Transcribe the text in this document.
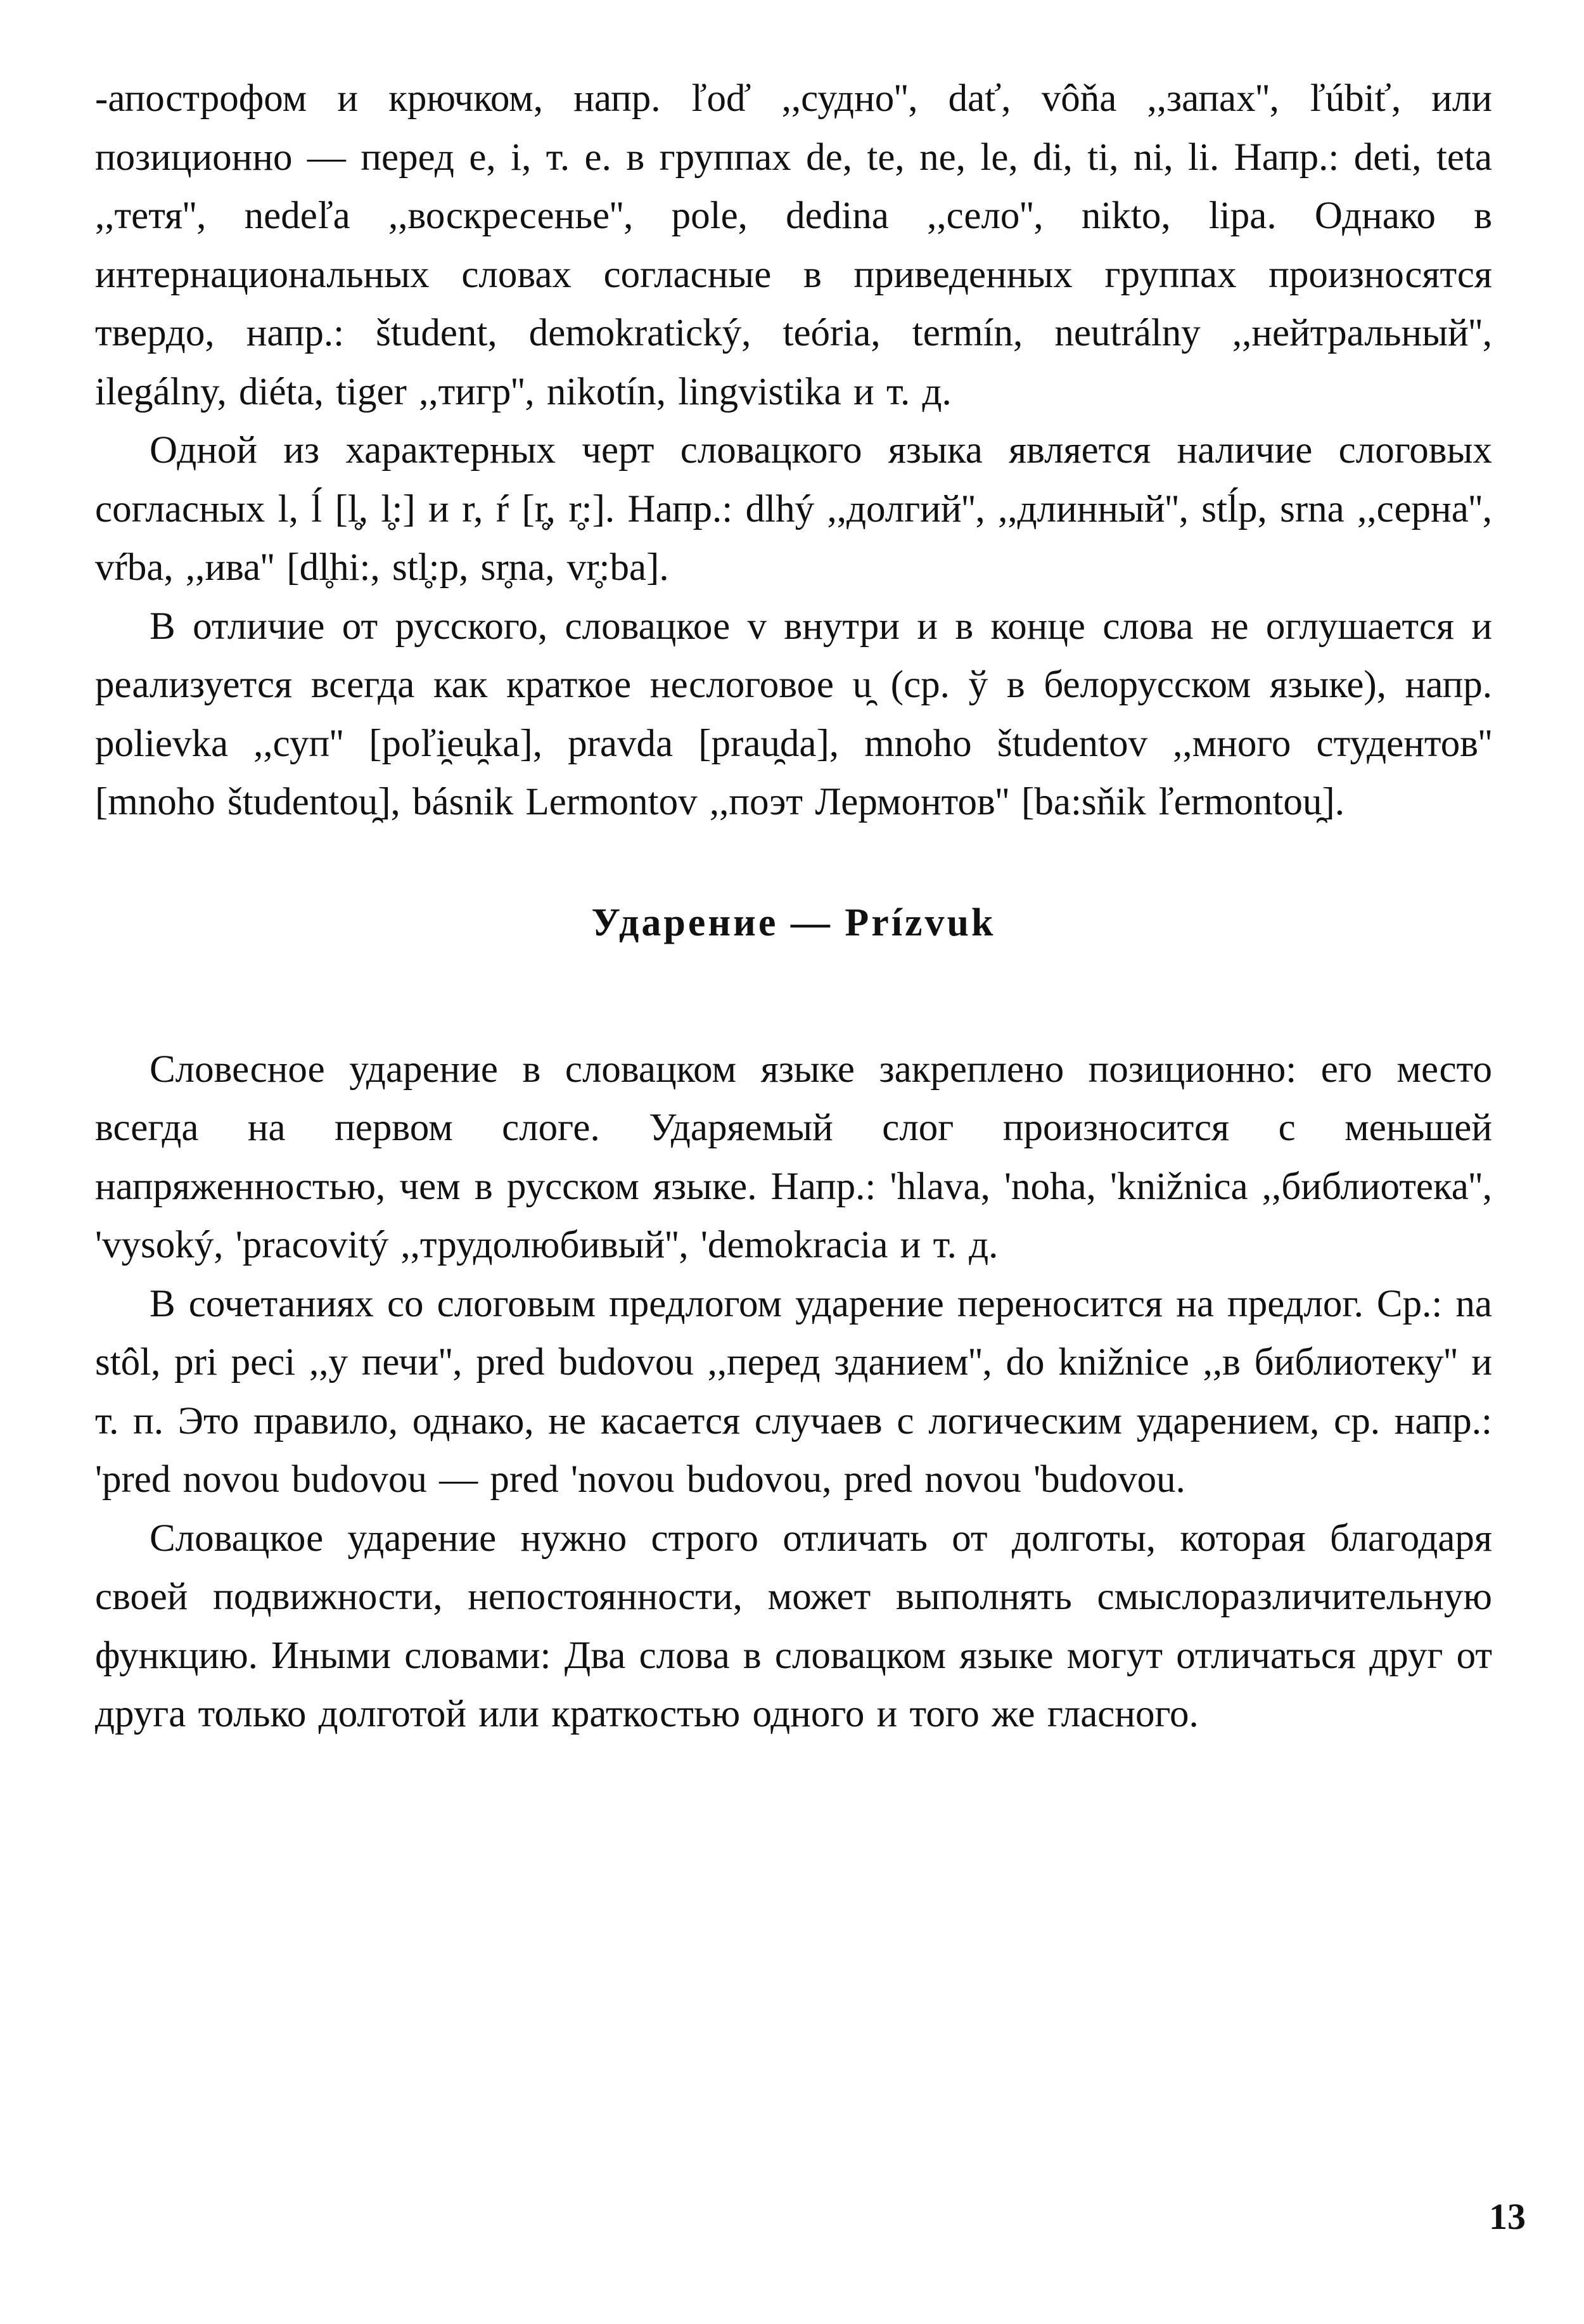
-апострофом и крючком, напр. ľoď ,,судно'', dať, vôňa ,,запах'', ľúbiť, или позиционно — перед e, i, т. е. в группах de, te, ne, le, di, ti, ni, li. Напр.: deti, teta ,,тетя'', nedeľa ,,воскресенье'', pole, dedina ,,село'', nikto, lipa. Однако в интернациональных словах согласные в приведенных группах произносятся твердо, напр.: študent, demokratický, teória, termín, neutrálny ,,нейтральный'', ilegálny, diéta, tiger ,,тигр'', nikotín, lingvistika и т. д.

Одной из характерных черт словацкого языка является наличие слоговых согласных l, ĺ [l̥, l̥:] и r, ŕ [r̥, r̥:]. Напр.: dlhý ,,долгий'', ,,длинный'', stĺp, srna ,,серна'', vŕba, ,,ива'' [dl̥hi:, stl̥:p, sr̥na, vr̥:ba].

В отличие от русского, словацкое v внутри и в конце слова не оглушается и реализуется всегда как краткое неслоговое u̯ (ср. ў в белорусском языке), напр. polievka ,,суп'' [poľi̯eu̯ka], pravda [prau̯da], mnoho študentov ,,много студентов'' [mnoho študentou̯], básnik Lermontov ,,поэт Лермонтов'' [ba:sňik ľermontou̯].

Ударение — Prízvuk

Словесное ударение в словацком языке закреплено позиционно: его место всегда на первом слоге. Ударяемый слог произносится с меньшей напряженностью, чем в русском языке. Напр.: 'hlava, 'noha, 'knižnica ,,библиотека'', 'vysoký, 'pracovitý ,,трудолюбивый'', 'demokracia и т. д.

В сочетаниях со слоговым предлогом ударение переносится на предлог. Ср.: na stôl, pri peci ,,у печи'', pred budovou ,,перед зданием'', do knižnice ,,в библиотеку'' и т. п. Это правило, однако, не касается случаев с логическим ударением, ср. напр.: 'pred novou budovou — pred 'novou budovou, pred novou 'budovou.

Словацкое ударение нужно строго отличать от долготы, которая благодаря своей подвижности, непостоянности, может выполнять смыслоразличительную функцию. Иными словами: Два слова в словацком языке могут отличаться друг от друга только долготой или краткостью одного и того же гласного.

13
